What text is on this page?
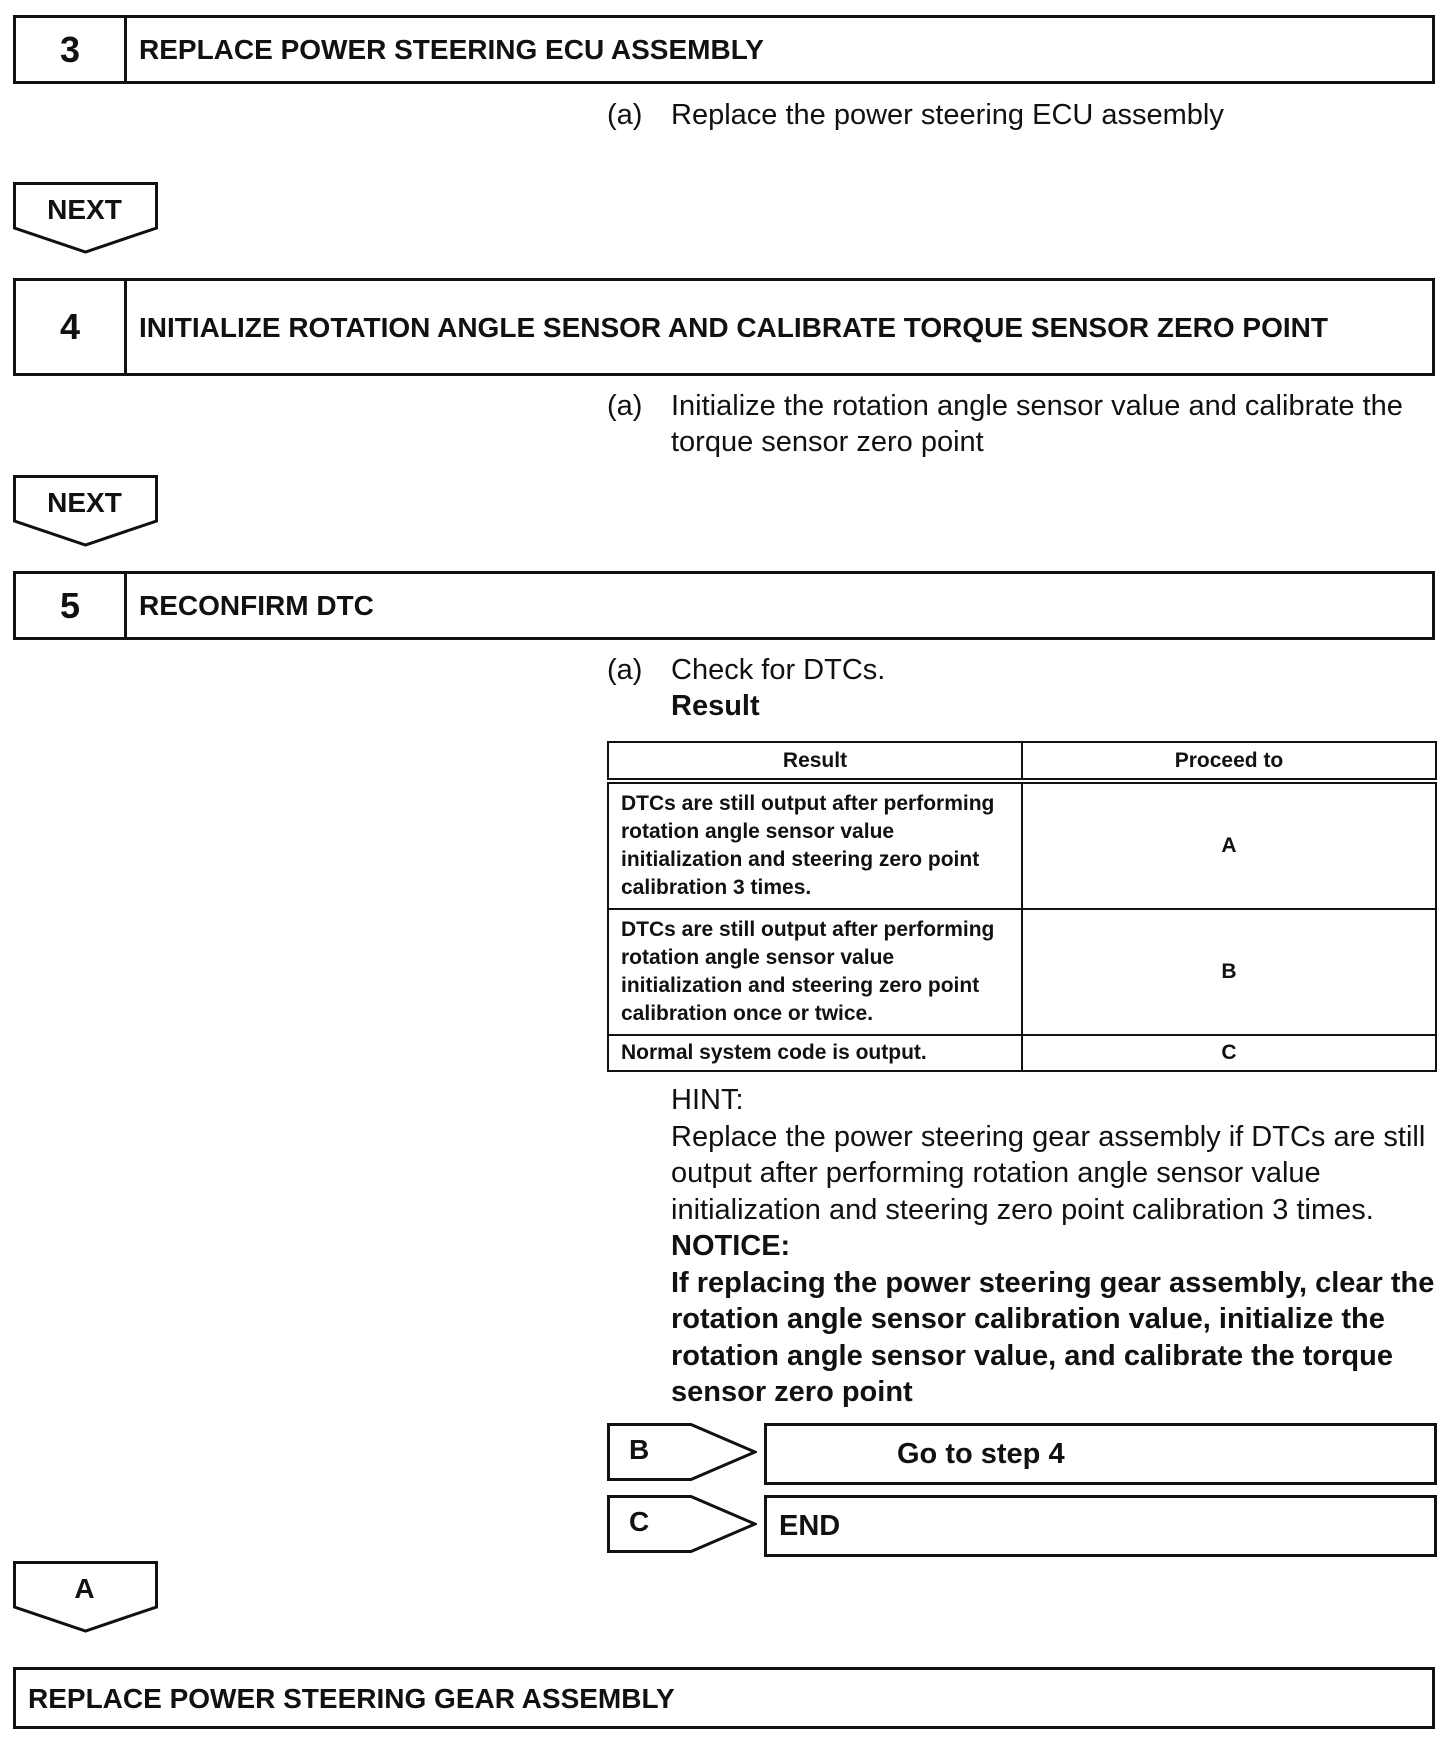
3	REPLACE POWER STEERING ECU ASSEMBLY
(a) Replace the power steering ECU assembly
NEXT
4	INITIALIZE ROTATION ANGLE SENSOR AND CALIBRATE TORQUE SENSOR ZERO POINT
(a) Initialize the rotation angle sensor value and calibrate the torque sensor zero point
NEXT
5	RECONFIRM DTC
(a) Check for DTCs.
Result
Result	Proceed to
DTCs are still output after performing rotation angle sensor value initialization and steering zero point calibration 3 times.	A
DTCs are still output after performing rotation angle sensor value initialization and steering zero point calibration once or twice.	B
Normal system code is output.	C
HINT:
Replace the power steering gear assembly if DTCs are still output after performing rotation angle sensor value initialization and steering zero point calibration 3 times.
NOTICE:
If replacing the power steering gear assembly, clear the rotation angle sensor calibration value, initialize the rotation angle sensor value, and calibrate the torque sensor zero point
B	Go to step 4
C	END
A
REPLACE POWER STEERING GEAR ASSEMBLY
